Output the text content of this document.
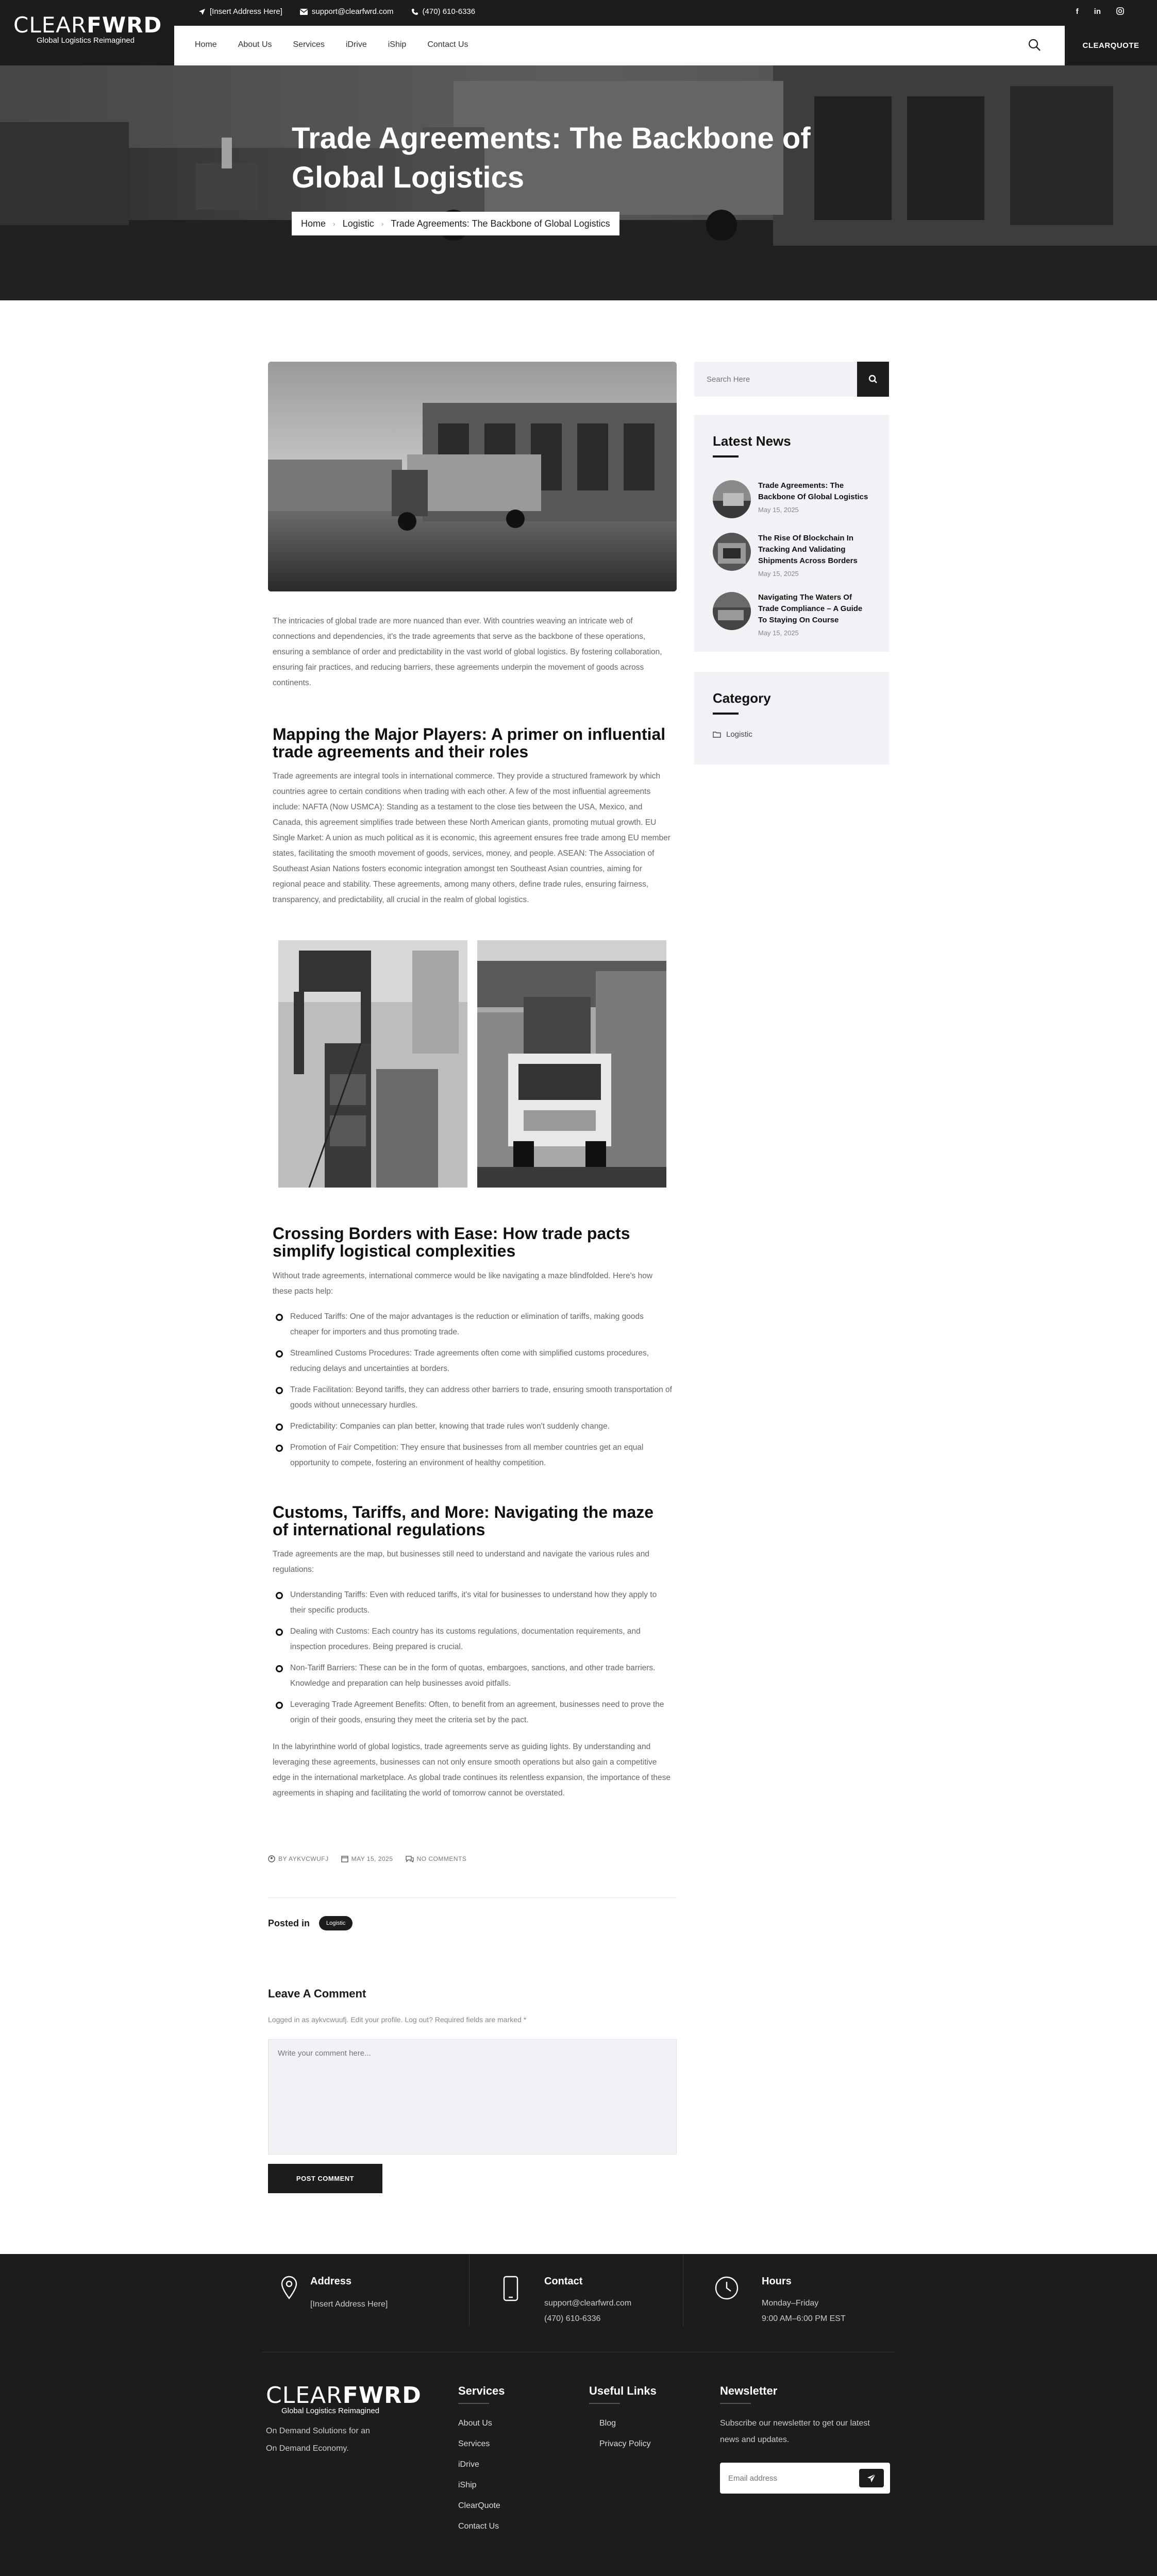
CLEARFWRD
Global Logistics Reimagined
[Insert Address Here]	support@clearfwrd.com	(470) 610-6336	f in
Home	About Us	Services	iDrive	iShip	Contact Us	CLEARQUOTE
Trade Agreements: The Backbone of Global Logistics
Home › Logistic › Trade Agreements: The Backbone of Global Logistics

The intricacies of global trade are more nuanced than ever. With countries weaving an intricate web of connections and dependencies, it's the trade agreements that serve as the backbone of these operations, ensuring a semblance of order and predictability in the vast world of global logistics. By fostering collaboration, ensuring fair practices, and reducing barriers, these agreements underpin the movement of goods across continents.

Mapping the Major Players: A primer on influential trade agreements and their roles

Trade agreements are integral tools in international commerce. They provide a structured framework by which countries agree to certain conditions when trading with each other. A few of the most influential agreements include: NAFTA (Now USMCA): Standing as a testament to the close ties between the USA, Mexico, and Canada, this agreement simplifies trade between these North American giants, promoting mutual growth. EU Single Market: A union as much political as it is economic, this agreement ensures free trade among EU member states, facilitating the smooth movement of goods, services, money, and people. ASEAN: The Association of Southeast Asian Nations fosters economic integration amongst ten Southeast Asian countries, aiming for regional peace and stability. These agreements, among many others, define trade rules, ensuring fairness, transparency, and predictability, all crucial in the realm of global logistics.

Crossing Borders with Ease: How trade pacts simplify logistical complexities

Without trade agreements, international commerce would be like navigating a maze blindfolded. Here's how these pacts help:

Reduced Tariffs: One of the major advantages is the reduction or elimination of tariffs, making goods cheaper for importers and thus promoting trade.
Streamlined Customs Procedures: Trade agreements often come with simplified customs procedures, reducing delays and uncertainties at borders.
Trade Facilitation: Beyond tariffs, they can address other barriers to trade, ensuring smooth transportation of goods without unnecessary hurdles.
Predictability: Companies can plan better, knowing that trade rules won't suddenly change.
Promotion of Fair Competition: They ensure that businesses from all member countries get an equal opportunity to compete, fostering an environment of healthy competition.
Customs, Tariffs, and More: Navigating the maze of international regulations

Trade agreements are the map, but businesses still need to understand and navigate the various rules and regulations:

Understanding Tariffs: Even with reduced tariffs, it's vital for businesses to understand how they apply to their specific products.
Dealing with Customs: Each country has its customs regulations, documentation requirements, and inspection procedures. Being prepared is crucial.
Non-Tariff Barriers: These can be in the form of quotas, embargoes, sanctions, and other trade barriers. Knowledge and preparation can help businesses avoid pitfalls.
Leveraging Trade Agreement Benefits: Often, to benefit from an agreement, businesses need to prove the origin of their goods, ensuring they meet the criteria set by the pact.

In the labyrinthine world of global logistics, trade agreements serve as guiding lights. By understanding and leveraging these agreements, businesses can not only ensure smooth operations but also gain a competitive edge in the international marketplace. As global trade continues its relentless expansion, the importance of these agreements in shaping and facilitating the world of tomorrow cannot be overstated.

BY AYKVCWUFJ	MAY 15, 2025	NO COMMENTS
Posted in	Logistic
Leave A Comment
Logged in as aykvcwuufj. Edit your profile. Log out? Required fields are marked *
Write your comment here...
POST COMMENT
Search Here
Latest News
Trade Agreements: The Backbone Of Global Logistics
May 15, 2025
The Rise Of Blockchain In Tracking And Validating Shipments Across Borders
May 15, 2025
Navigating The Waters Of Trade Compliance – A Guide To Staying On Course
May 15, 2025
Category
Logistic
Address
[Insert Address Here]
Contact
support@clearfwrd.com
(470) 610-6336
Hours
Monday–Friday
9:00 AM–6:00 PM EST
CLEARFWRD
Global Logistics Reimagined
On Demand Solutions for an
On Demand Economy.
Services
About Us
Services
iDrive
iShip
ClearQuote
Contact Us
Useful Links
Blog
Privacy Policy
Newsletter
Subscribe our newsletter to get our latest news and updates.
Email address
